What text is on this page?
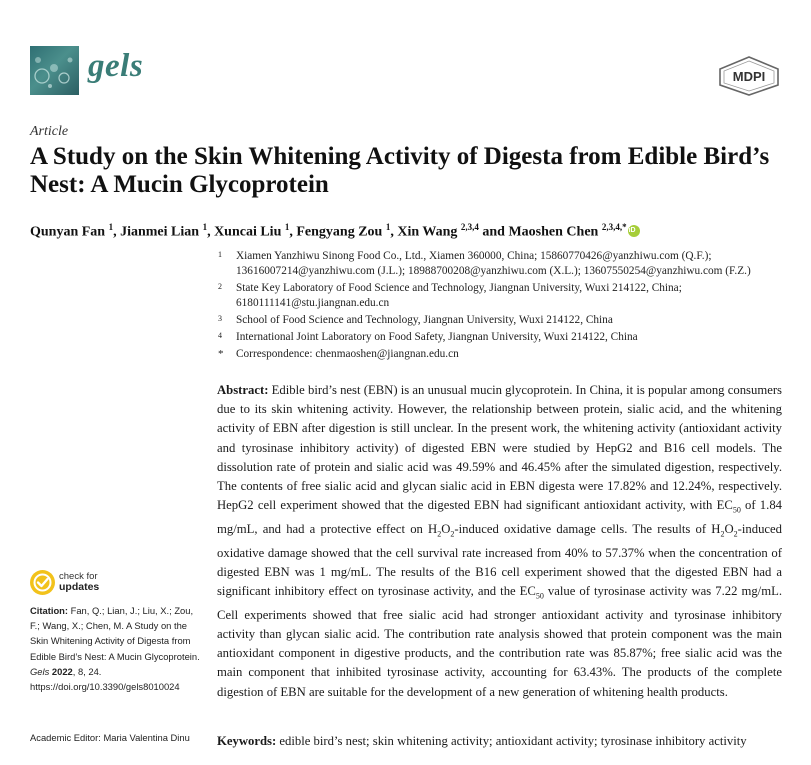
gels	MDPI
Article
A Study on the Skin Whitening Activity of Digesta from Edible Bird’s Nest: A Mucin Glycoprotein
Qunyan Fan $^1$, Jianmei Lian $^1$, Xuncai Liu $^1$, Fengyang Zou $^1$, Xin Wang $^{2,3,4}$ and Maoshen Chen $^{2,3,4,*}$iD
1 Xiamen Yanzhiwu Sinong Food Co., Ltd., Xiamen 360000, China; 15860770426@yanzhiwu.com (Q.F.); 13616007214@yanzhiwu.com (J.L.); 18988700208@yanzhiwu.com (X.L.); 13607550254@yanzhiwu.com (F.Z.)
2 State Key Laboratory of Food Science and Technology, Jiangnan University, Wuxi 214122, China; 6180111141@stu.jiangnan.edu.cn
3 School of Food Science and Technology, Jiangnan University, Wuxi 214122, China
4 International Joint Laboratory on Food Safety, Jiangnan University, Wuxi 214122, China
* Correspondence: chenmaoshen@jiangnan.edu.cn
Abstract: Edible bird’s nest (EBN) is an unusual mucin glycoprotein. In China, it is popular among consumers due to its skin whitening activity. However, the relationship between protein, sialic acid, and the whitening activity of EBN after digestion is still unclear. In the present work, the whitening activity (antioxidant activity and tyrosinase inhibitory activity) of digested EBN were studied by HepG2 and B16 cell models. The dissolution rate of protein and sialic acid was 49.59% and 46.45% after the simulated digestion, respectively. The contents of free sialic acid and glycan sialic acid in EBN digesta were 17.82% and 12.24%, respectively. HepG2 cell experiment showed that the digested EBN had significant antioxidant activity, with $EC_{50}$ of 1.84 mg/mL, and had a protective effect on $H_2O_2$-induced oxidative damage cells. The results of $H_2O_2$-induced oxidative damage showed that the cell survival rate increased from 40% to 57.37% when the concentration of digested EBN was 1 mg/mL. The results of the B16 cell experiment showed that the digested EBN had a significant inhibitory effect on tyrosinase activity, and the $EC_{50}$ value of tyrosinase activity was 7.22 mg/mL. Cell experiments showed that free sialic acid had stronger antioxidant activity and tyrosinase inhibitory activity than glycan sialic acid. The contribution rate analysis showed that protein component was the main antioxidant component in digestive products, and the contribution rate was 85.87%; free sialic acid was the main component that inhibited tyrosinase activity, accounting for 63.43%. The products of the complete digestion of EBN are suitable for the development of a new generation of whitening health products.
Keywords: edible bird’s nest; skin whitening activity; antioxidant activity; tyrosinase inhibitory activity
check for
updates
Citation: Fan, Q.; Lian, J.; Liu, X.; Zou, F.; Wang, X.; Chen, M. A Study on the Skin Whitening Activity of Digesta from Edible Bird’s Nest: A Mucin Glycoprotein. Gels 2022, 8, 24. https://doi.org/10.3390/gels8010024
Academic Editor: Maria Valentina Dinu
